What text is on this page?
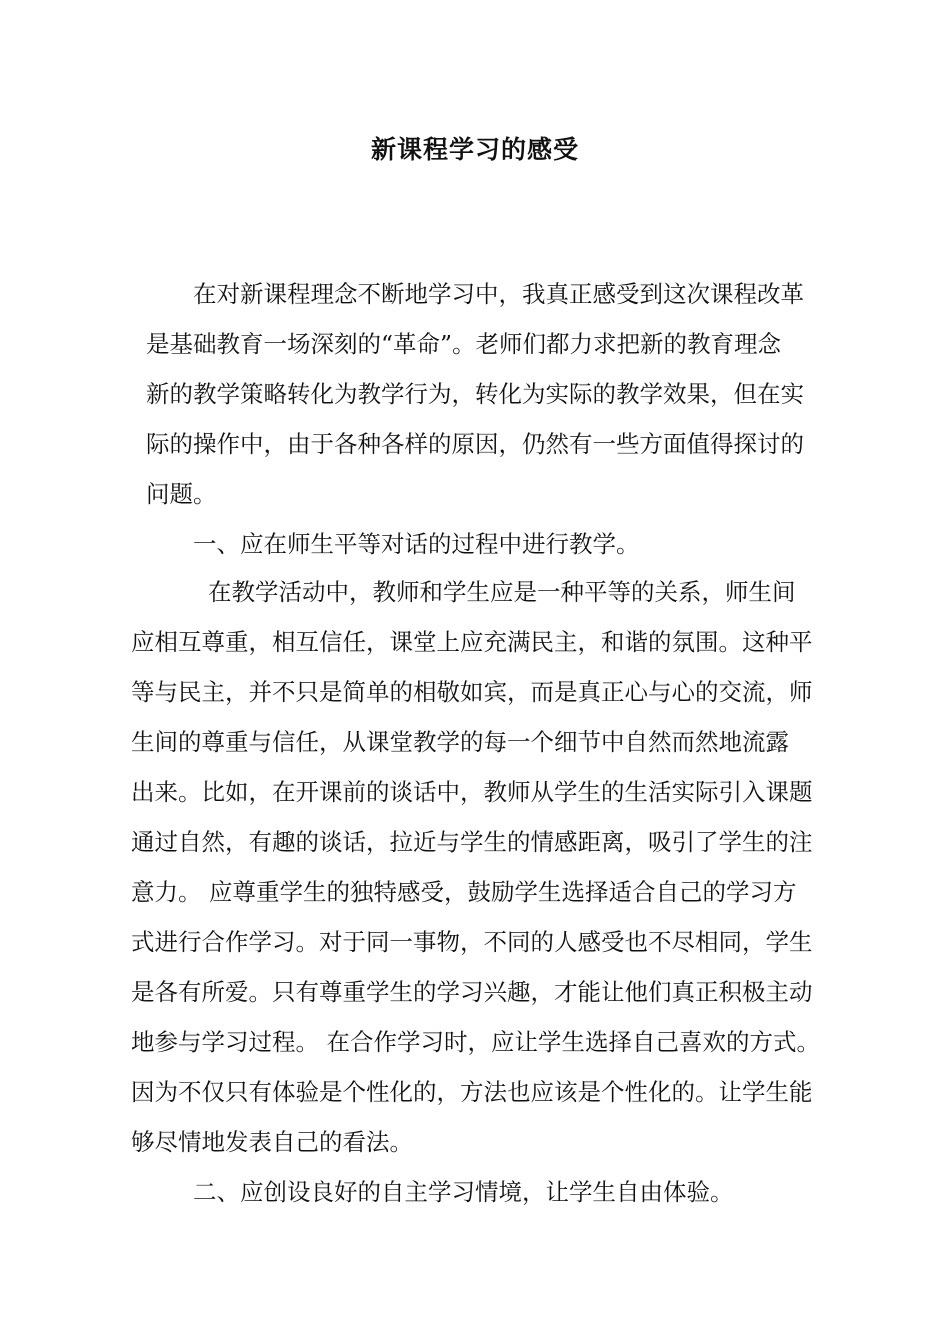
新课程学习的感受
在对新课程理念不断地学习中，我真正感受到这次课程改革
是基础教育一场深刻的“革命”。老师们都力求把新的教育理念
新的教学策略转化为教学行为，转化为实际的教学效果，但在实
际的操作中，由于各种各样的原因，仍然有一些方面值得探讨的
问题。
一、应在师生平等对话的过程中进行教学。
在教学活动中，教师和学生应是一种平等的关系，师生间
应相互尊重，相互信任，课堂上应充满民主，和谐的氛围。这种平
等与民主，并不只是简单的相敬如宾，而是真正心与心的交流，师
生间的尊重与信任，从课堂教学的每一个细节中自然而然地流露
出来。比如，在开课前的谈话中，教师从学生的生活实际引入课题
通过自然，有趣的谈话，拉近与学生的情感距离，吸引了学生的注
意力。 应尊重学生的独特感受，鼓励学生选择适合自己的学习方
式进行合作学习。对于同一事物，不同的人感受也不尽相同，学生
是各有所爱。只有尊重学生的学习兴趣，才能让他们真正积极主动
地参与学习过程。 在合作学习时，应让学生选择自己喜欢的方式。
因为不仅只有体验是个性化的，方法也应该是个性化的。让学生能
够尽情地发表自己的看法。
二、应创设良好的自主学习情境，让学生自由体验。
